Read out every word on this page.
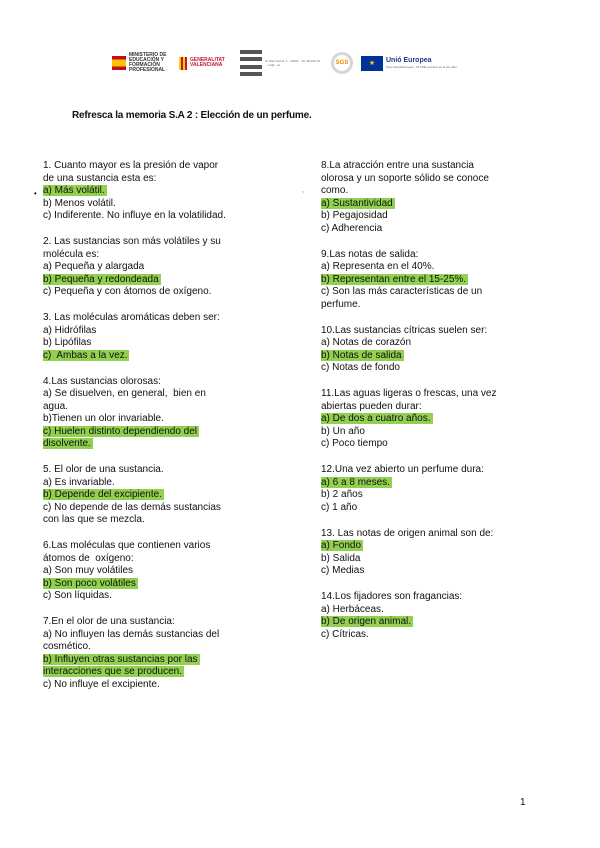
MINISTERIO DE EDUCACIÓN Y FORMACIÓN PROFESIONAL
GENERALITAT VALENCIANA
C/ Sant Antoni, 1 · 12001 · Tel. 964 62 70 ... cs@...es	SGS	★	Unió Europea
Fons Social Europeu · El FSE inverteix en el teu futur
Refresca la memoria S.A 2 : Elección de un perfume.
•	`
1. Cuanto mayor es la presión de vapor
de una sustancia esta es:
a) Más volátil.
b) Menos volátil.
c) Indiferente. No influye en la volatilidad.
2. Las sustancias son más volátiles y su
molécula es:
a) Pequeña y alargada
b) Pequeña y redondeada
c) Pequeña y con átomos de oxígeno.
3. Las moléculas aromáticas deben ser:
a) Hidrófilas
b) Lipófilas
c)  Ambas a la vez.
4.Las sustancias olorosas:
a) Se disuelven, en general,  bien en
agua.
b)Tienen un olor invariable.
c) Huelen distinto dependiendo del
disolvente.
5. El olor de una sustancia.
a) Es invariable.
b) Depende del excipiente.
c) No depende de las demás sustancias
con las que se mezcla.
6.Las moléculas que contienen varios
átomos de  oxígeno:
a) Son muy volátiles
b) Son poco volátiles
c) Son líquidas.
7.En el olor de una sustancia:
a) No influyen las demás sustancias del
cosmético.
b) Influyen otras sustancias por las
interacciones que se producen.
c) No influye el excipiente.
8.La atracción entre una sustancia
olorosa y un soporte sólido se conoce
como.
a) Sustantividad
b) Pegajosidad
c) Adherencia
9.Las notas de salida:
a) Representa en el 40%.
b) Representan entre el 15-25%.
c) Son las más características de un
perfume.
10.Las sustancias cítricas suelen ser:
a) Notas de corazón
b) Notas de salida
c) Notas de fondo
11.Las aguas ligeras o frescas, una vez
abiertas pueden durar:
a) De dos a cuatro años.
b) Un año
c) Poco tiempo
12.Una vez abierto un perfume dura:
a) 6 a 8 meses.
b) 2 años
c) 1 año
13. Las notas de origen animal son de:
a) Fondo
b) Salida
c) Medias
14.Los fijadores son fragancias:
a) Herbáceas.
b) De origen animal.
c) Cítricas.
1
